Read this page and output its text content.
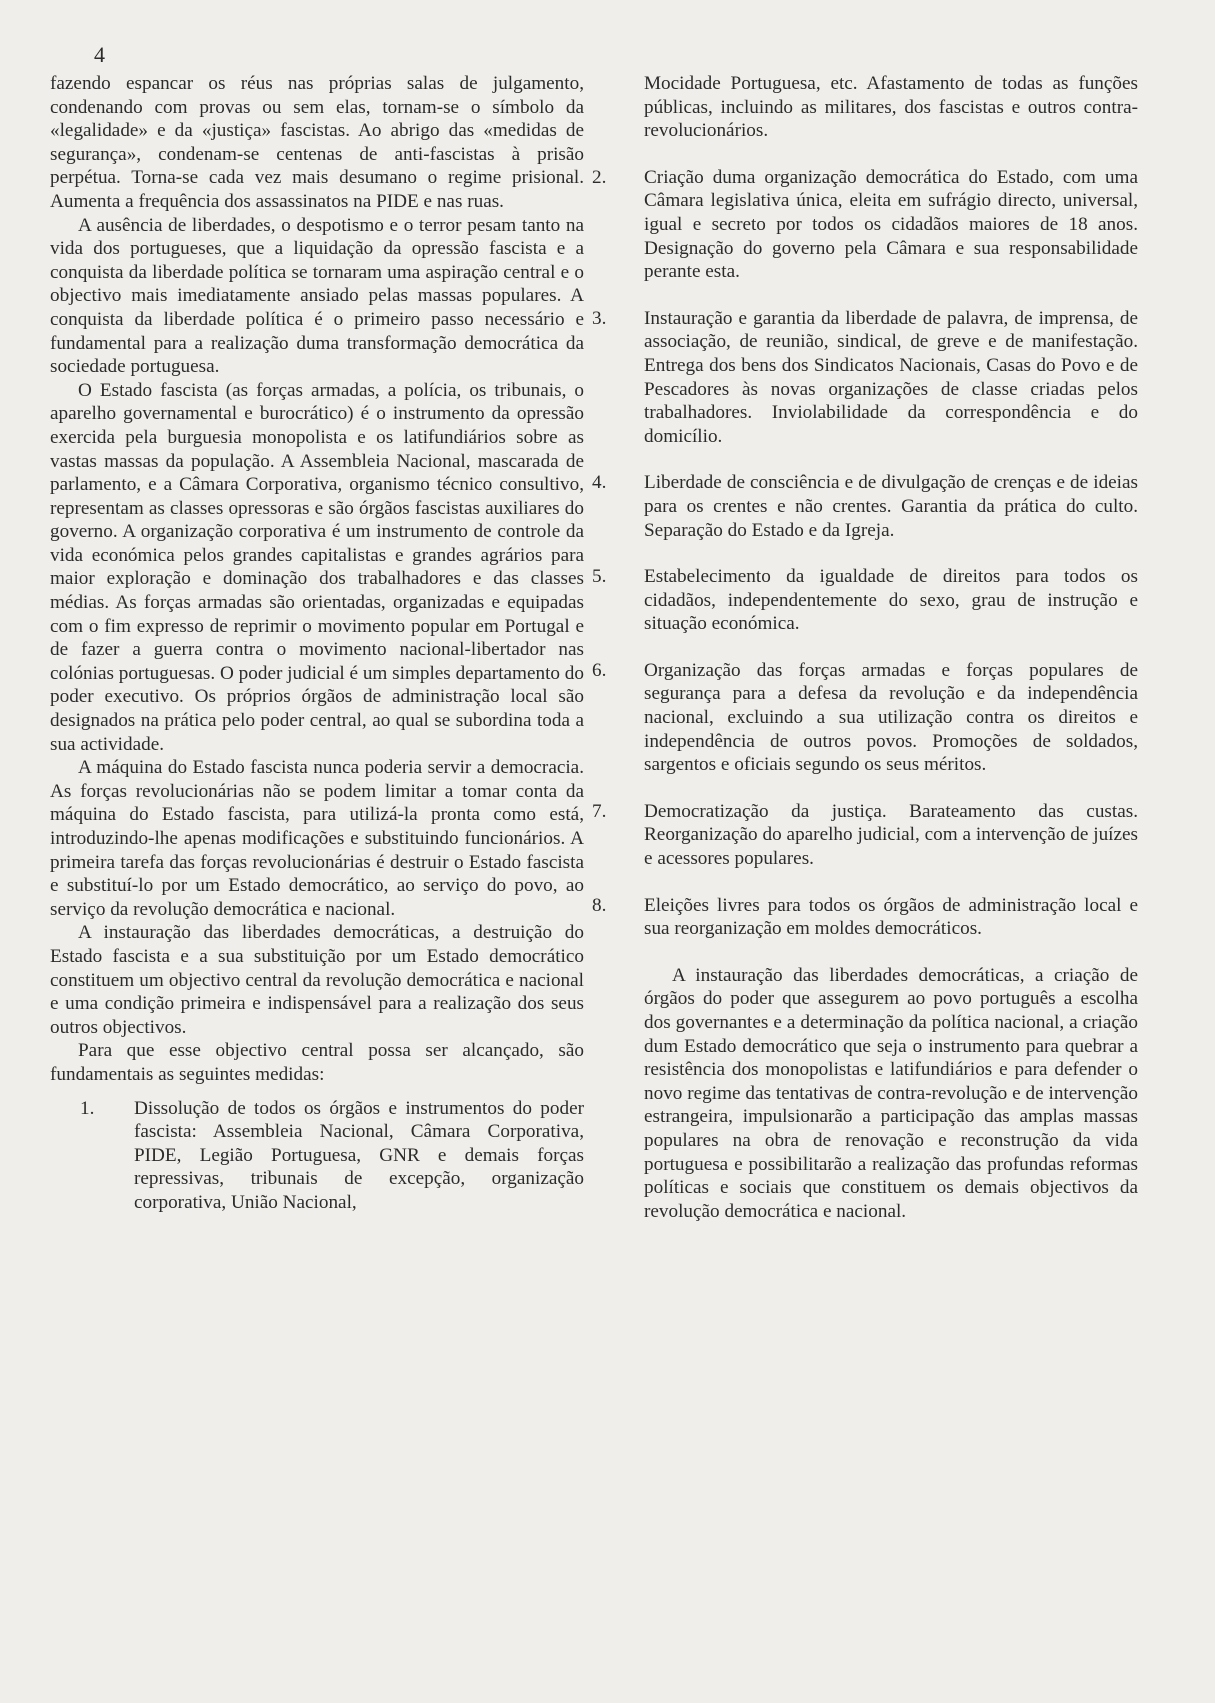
4

fazendo espancar os réus nas próprias salas de julgamento, condenando com provas ou sem elas, tornam-se o símbolo da «legalidade» e da «justiça» fascistas. Ao abrigo das «medidas de segurança», condenam-se centenas de anti-fascistas à prisão perpétua. Torna-se cada vez mais desumano o regime prisional. Aumenta a frequência dos assassinatos na PIDE e nas ruas.

A ausência de liberdades, o despotismo e o terror pesam tanto na vida dos portugueses, que a liquidação da opressão fascista e a conquista da liberdade política se tornaram uma aspiração central e o objectivo mais imediatamente ansiado pelas massas populares. A conquista da liberdade política é o primeiro passo necessário e fundamental para a realização duma transformação democrática da sociedade portuguesa.

O Estado fascista (as forças armadas, a polícia, os tribunais, o aparelho governamental e burocrático) é o instrumento da opressão exercida pela burguesia monopolista e os latifundiários sobre as vastas massas da população. A Assembleia Nacional, mascarada de parlamento, e a Câmara Corporativa, organismo técnico consultivo, representam as classes opressoras e são órgãos fascistas auxiliares do governo. A organização corporativa é um instrumento de controle da vida económica pelos grandes capitalistas e grandes agrários para maior exploração e dominação dos trabalhadores e das classes médias. As forças armadas são orientadas, organizadas e equipadas com o fim expresso de reprimir o movimento popular em Portugal e de fazer a guerra contra o movimento nacional-libertador nas colónias portuguesas. O poder judicial é um simples departamento do poder executivo. Os próprios órgãos de administração local são designados na prática pelo poder central, ao qual se subordina toda a sua actividade.

A máquina do Estado fascista nunca poderia servir a democracia. As forças revolucionárias não se podem limitar a tomar conta da máquina do Estado fascista, para utilizá-la pronta como está, introduzindo-lhe apenas modificações e substituindo funcionários. A primeira tarefa das forças revolucionárias é destruir o Estado fascista e substituí-lo por um Estado democrático, ao serviço do povo, ao serviço da revolução democrática e nacional.

A instauração das liberdades democráticas, a destruição do Estado fascista e a sua substituição por um Estado democrático constituem um objectivo central da revolução democrática e nacional e uma condição primeira e indispensável para a realização dos seus outros objectivos.

Para que esse objectivo central possa ser alcançado, são fundamentais as seguintes medidas:

1. Dissolução de todos os órgãos e instrumentos do poder fascista: Assembleia Nacional, Câmara Corporativa, PIDE, Legião Portuguesa, GNR e demais forças repressivas, tribunais de excepção, organização corporativa, União Nacional,

Mocidade Portuguesa, etc. Afastamento de todas as funções públicas, incluindo as militares, dos fascistas e outros contra-revolucionários.

2. Criação duma organização democrática do Estado, com uma Câmara legislativa única, eleita em sufrágio directo, universal, igual e secreto por todos os cidadãos maiores de 18 anos. Designação do governo pela Câmara e sua responsabilidade perante esta.
3. Instauração e garantia da liberdade de palavra, de imprensa, de associação, de reunião, sindical, de greve e de manifestação. Entrega dos bens dos Sindicatos Nacionais, Casas do Povo e de Pescadores às novas organizações de classe criadas pelos trabalhadores. Inviolabilidade da correspondência e do domicílio.
4. Liberdade de consciência e de divulgação de crenças e de ideias para os crentes e não crentes. Garantia da prática do culto. Separação do Estado e da Igreja.
5. Estabelecimento da igualdade de direitos para todos os cidadãos, independentemente do sexo, grau de instrução e situação económica.
6. Organização das forças armadas e forças populares de segurança para a defesa da revolução e da independência nacional, excluindo a sua utilização contra os direitos e independência de outros povos. Promoções de soldados, sargentos e oficiais segundo os seus méritos.
7. Democratização da justiça. Barateamento das custas. Reorganização do aparelho judicial, com a intervenção de juízes e acessores populares.
8. Eleições livres para todos os órgãos de administração local e sua reorganização em moldes democráticos.

A instauração das liberdades democráticas, a criação de órgãos do poder que assegurem ao povo português a escolha dos governantes e a determinação da política nacional, a criação dum Estado democrático que seja o instrumento para quebrar a resistência dos monopolistas e latifundiários e para defender o novo regime das tentativas de contra-revolução e de intervenção estrangeira, impulsionarão a participação das amplas massas populares na obra de renovação e reconstrução da vida portuguesa e possibilitarão a realização das profundas reformas políticas e sociais que constituem os demais objectivos da revolução democrática e nacional.
